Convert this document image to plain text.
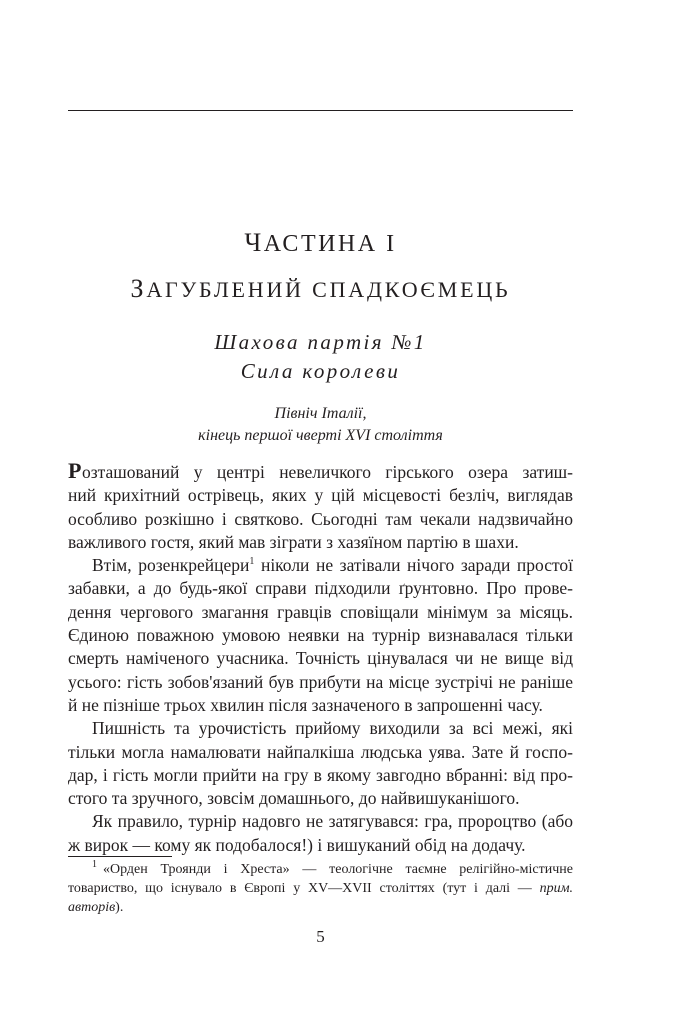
ЧАСТИНА І
ЗАГУБЛЕНИЙ СПАДКОЄМЕЦЬ
Шахова партія №1
Сила королеви
Північ Італії,
кінець першої чверті XVI століття
Розташований у центрі невеличкого гірського озера затиш-
ний крихітний острівець, яких у цій місцевості безліч, виглядав
особливо розкішно і святково. Сьогодні там чекали надзвичайно
важливого гостя, який мав зіграти з хазяїном партію в шахи.
Втім, розенкрейцери$^1$ ніколи не затівали нічого заради простої
забавки, а до будь-якої справи підходили ґрунтовно. Про прове-
дення чергового змагання гравців сповіщали мінімум за місяць.
Єдиною поважною умовою неявки на турнір визнавалася тільки
смерть наміченого учасника. Точність цінувалася чи не вище від
усього: гість зобов'язаний був прибути на місце зустрічі не раніше
й не пізніше трьох хвилин після зазначеного в запрошенні часу.
Пишність та урочистість прийому виходили за всі межі, які
тільки могла намалювати найпалкіша людська уява. Зате й госпо-
дар, і гість могли прийти на гру в якому завгодно вбранні: від про-
стого та зручного, зовсім домашнього, до найвишуканішого.
Як правило, турнір надовго не затягувався: гра, пророцтво (або
ж вирок — кому як подобалося!) і вишуканий обід на додачу.
$^1$ «Орден Троянди і Хреста» — теологічне таємне релігійно-містичне
товариство, що існувало в Європі у XV—XVII століттях (тут і далі — прим.
авторів).
5
